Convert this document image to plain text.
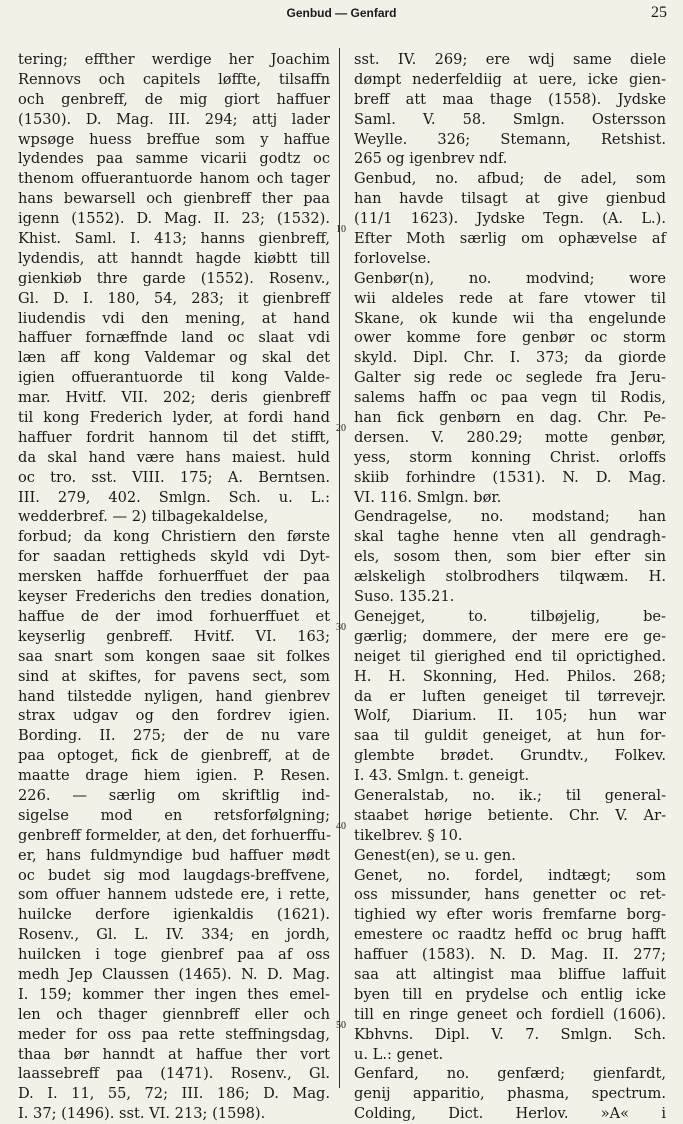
Genbud — Genfard	25
tering; effther werdige her Joachim
Rennovs och capitels løffte, tilsaffn
och genbreff, de mig giort haffuer
(1530). D. Mag. III. 294; attj lader
wpsøge huess breffue som y haffue
lydendes paa samme vicarii godtz oc
thenom offuerantuorde hanom och tager
hans bewarsell och gienbreff ther paa
igenn (1552). D. Mag. II. 23; (1532).
Khist. Saml. I. 413; hanns gienbreff,
lydendis, att hanndt hagde kiøbtt till
gienkiøb thre garde (1552). Rosenv.,
Gl. D. I. 180, 54, 283; it gienbreff
liudendis vdi den mening, at hand
haffuer fornæffnde land oc slaat vdi
læn aff kong Valdemar og skal det
igien offuerantuorde til kong Valde-
mar. Hvitf. VII. 202; deris gienbreff
til kong Frederich lyder, at fordi hand
haffuer fordrit hannom til det stifft,
da skal hand være hans maiest. huld
oc tro. sst. VIII. 175; A. Berntsen.
III. 279, 402. Smlgn. Sch. u. L.:
wedderbref. — 2) tilbagekaldelse,
forbud; da kong Christiern den første
for saadan rettigheds skyld vdi Dyt-
mersken haffde forhuerffuet der paa
keyser Frederichs den tredies donation,
haffue de der imod forhuerffuet et
keyserlig genbreff. Hvitf. VI. 163;
saa snart som kongen saae sit folkes
sind at skiftes, for pavens sect, som
hand tilstedde nyligen, hand gienbrev
strax udgav og den fordrev igien.
Bording. II. 275; der de nu vare
paa optoget, fick de gienbreff, at de
maatte drage hiem igien. P. Resen.
226. — særlig om skriftlig ind-
sigelse mod en retsforfølgning;
genbreff formelder, at den, det forhuerffu-
er, hans fuldmyndige bud haffuer mødt
oc budet sig mod laugdags-breffvene,
som offuer hannem udstede ere, i rette,
huilcke derfore igienkaldis (1621).
Rosenv., Gl. L. IV. 334; en jordh,
huilcken i toge gienbref paa af oss
medh Jep Claussen (1465). N. D. Mag.
I. 159; kommer ther ingen thes emel-
len och thager giennbreff eller och
meder for oss paa rette steffningsdag,
thaa bør hanndt at haffue ther vort
laassebreff paa (1471). Rosenv., Gl.
D. I. 11, 55, 72; III. 186; D. Mag.
I. 37; (1496). sst. VI. 213; (1598).
10
20
30
40
50
sst. IV. 269; ere wdj same diele
dømpt nederfeldiig at uere, icke gien-
breff att maa thage (1558). Jydske
Saml. V. 58. Smlgn. Ostersson
Weylle. 326; Stemann, Retshist.
265 og igenbrev ndf.
Genbud, no. afbud; de adel, som
han havde tilsagt at give gienbud
(11/1 1623). Jydske Tegn. (A. L.).
Efter Moth særlig om ophævelse af
forlovelse.
Genbør(n), no. modvind; wore
wii aldeles rede at fare vtower til
Skane, ok kunde wii tha engelunde
ower komme fore genbør oc storm
skyld. Dipl. Chr. I. 373; da giorde
Galter sig rede oc seglede fra Jeru-
salems haffn oc paa vegn til Rodis,
han fick genbørn en dag. Chr. Pe-
dersen. V. 280.29; motte genbør,
yess, storm konning Christ. orloffs
skiib forhindre (1531). N. D. Mag.
VI. 116. Smlgn. bør.
Gendragelse, no. modstand; han
skal taghe henne vten all gendragh-
els, sosom then, som bier efter sin
ælskeligh stolbrodhers tilqwæm. H.
Suso. 135.21.
Genejget, to. tilbøjelig, be-
gærlig; dommere, der mere ere ge-
neiget til gierighed end til oprictighed.
H. H. Skonning, Hed. Philos. 268;
da er luften geneiget til tørrevejr.
Wolf, Diarium. II. 105; hun war
saa til guldit geneiget, at hun for-
glembte brødet. Grundtv., Folkev.
I. 43. Smlgn. t. geneigt.
Generalstab, no. ik.; til general-
staabet hørige betiente. Chr. V. Ar-
tikelbrev. § 10.
Genest(en), se u. gen.
Genet, no. fordel, indtægt; som
oss missunder, hans genetter oc ret-
tighied wy efter woris fremfarne borg-
emestere oc raadtz heffd oc brug hafft
haffuer (1583). N. D. Mag. II. 277;
saa att altingist maa bliffue laffuit
byen till en prydelse och entlig icke
till en ringe geneet och fordiell (1606).
Kbhvns. Dipl. V. 7. Smlgn. Sch.
u. L.: genet.
Genfard, no. genfærd; gienfardt,
genij apparitio, phasma, spectrum.
Colding, Dict. Herlov. »A« i
